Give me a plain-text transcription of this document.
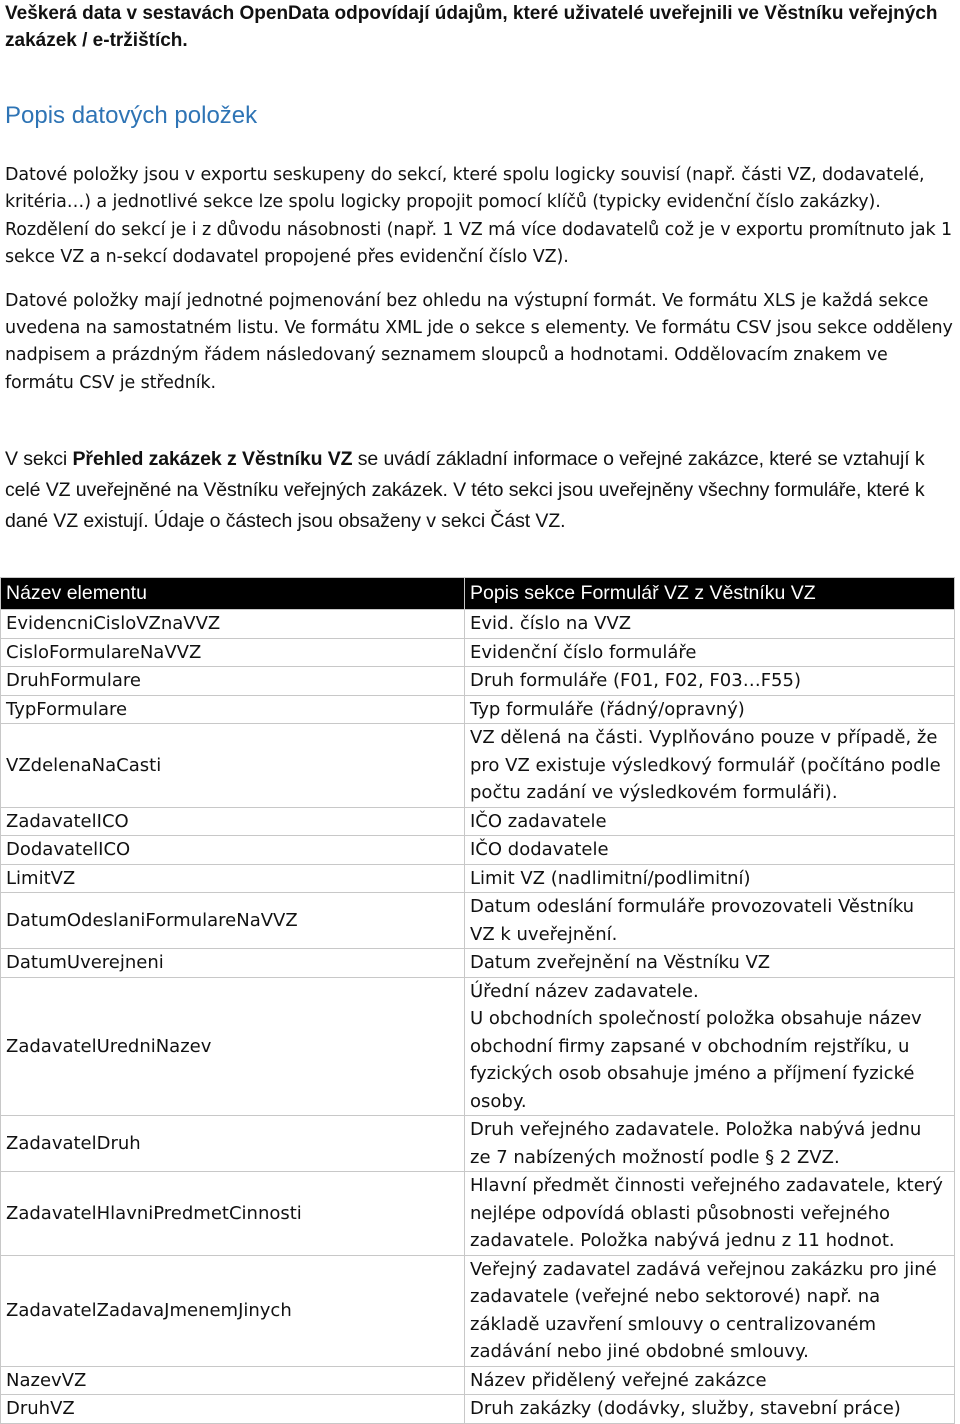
Veškerá data v sestavách OpenData odpovídají údajům, které uživatelé uveřejnili ve Věstníku veřejných zakázek / e-tržištích.

Popis datových položek

Datové položky jsou v exportu seskupeny do sekcí, které spolu logicky souvisí (např. části VZ, dodavatelé, kritéria…) a jednotlivé sekce lze spolu logicky propojit pomocí klíčů (typicky evidenční číslo zakázky). Rozdělení do sekcí je i z důvodu násobnosti (např. 1 VZ má více dodavatelů což je v exportu promítnuto jak 1 sekce VZ a n-sekcí dodavatel propojené přes evidenční číslo VZ).

Datové položky mají jednotné pojmenování bez ohledu na výstupní formát. Ve formátu XLS je každá sekce uvedena na samostatném listu. Ve formátu XML jde o sekce s elementy. Ve formátu CSV jsou sekce odděleny nadpisem a prázdným řádem následovaný seznamem sloupců a hodnotami. Oddělovacím znakem ve formátu CSV je středník.

V sekci Přehled zakázek z Věstníku VZ se uvádí základní informace o veřejné zakázce, které se vztahují k celé VZ uveřejněné na Věstníku veřejných zakázek. V této sekci jsou uveřejněny všechny formuláře, které k dané VZ existují. Údaje o částech jsou obsaženy v sekci Část VZ.

Název elementu	Popis sekce Formulář VZ z Věstníku VZ
EvidencniCisloVZnaVVZ	Evid. číslo na VVZ

CisloFormulareNaVVZ	Evidenční číslo formuláře

DruhFormulare	Druh formuláře (F01, F02, F03…F55)

TypFormulare	Typ formuláře (řádný/opravný)

VZdelenaNaCasti	VZ dělená na části. Vyplňováno pouze v případě, že
pro VZ existuje výsledkový formulář (počítáno podle
počtu zadání ve výsledkovém formuláři).

ZadavatelICO	IČO zadavatele

DodavatelICO	IČO dodavatele

LimitVZ	Limit VZ (nadlimitní/podlimitní)

DatumOdeslaniFormulareNaVVZ	Datum odeslání formuláře provozovateli Věstníku
VZ k uveřejnění.

DatumUverejneni	Datum zveřejnění na Věstníku VZ

ZadavatelUredniNazev	Úřední název zadavatele.
U obchodních společností položka obsahuje název
obchodní firmy zapsané v obchodním rejstříku, u
fyzických osob obsahuje jméno a příjmení fyzické
osoby.

ZadavatelDruh	Druh veřejného zadavatele. Položka nabývá jednu
ze 7 nabízených možností podle § 2 ZVZ.

ZadavatelHlavniPredmetCinnosti	Hlavní předmět činnosti veřejného zadavatele, který
nejlépe odpovídá oblasti působnosti veřejného
zadavatele. Položka nabývá jednu z 11 hodnot.

ZadavatelZadavaJmenemJinych	Veřejný zadavatel zadává veřejnou zakázku pro jiné
zadavatele (veřejné nebo sektorové) např. na
základě uzavření smlouvy o centralizovaném
zadávání nebo jiné obdobné smlouvy.

NazevVZ	Název přidělený veřejné zakázce

DruhVZ	Druh zakázky (dodávky, služby, stavební práce)
